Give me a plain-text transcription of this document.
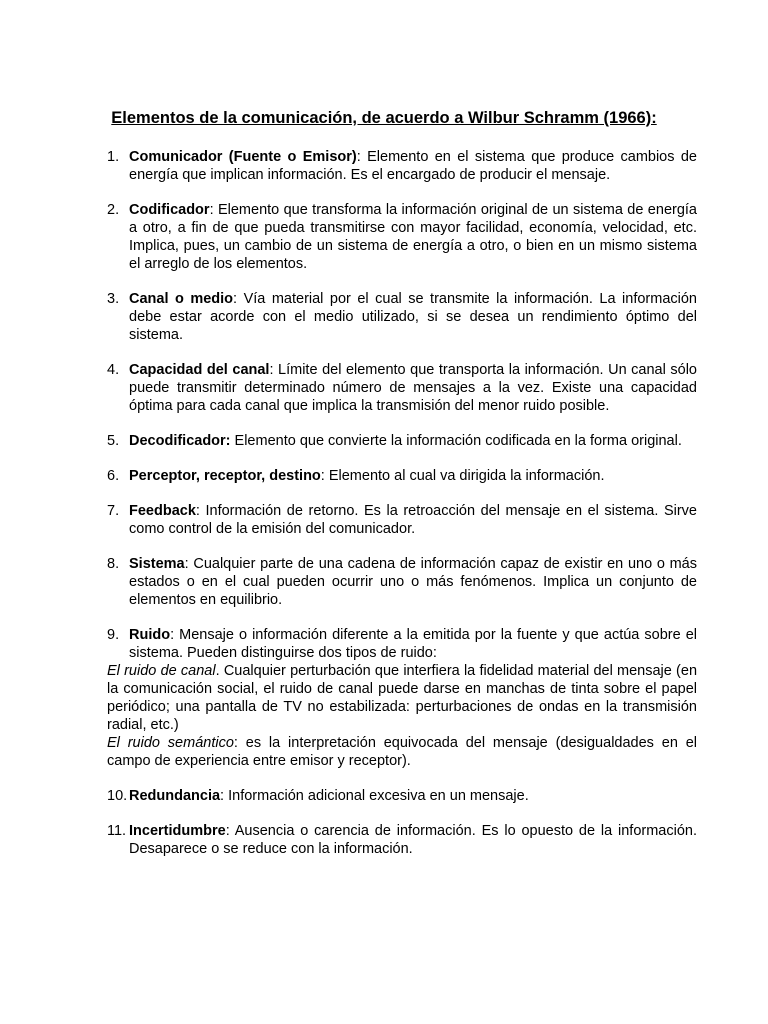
Elementos de la comunicación, de acuerdo a Wilbur Schramm (1966):
1. Comunicador (Fuente o Emisor): Elemento en el sistema que produce cambios de energía que implican información. Es el encargado de producir el mensaje.
2. Codificador: Elemento que transforma la información original de un sistema de energía a otro, a fin de que pueda transmitirse con mayor facilidad, economía, velocidad, etc. Implica, pues, un cambio de un sistema de energía a otro, o bien en un mismo sistema el arreglo de los elementos.
3. Canal o medio: Vía material por el cual se transmite la información. La información debe estar acorde con el medio utilizado, si se desea un rendimiento óptimo del sistema.
4. Capacidad del canal: Límite del elemento que transporta la información. Un canal sólo puede transmitir determinado número de mensajes a la vez. Existe una capacidad óptima para cada canal que implica la transmisión del menor ruido posible.
5. Decodificador: Elemento que convierte la información codificada en la forma original.
6. Perceptor, receptor, destino: Elemento al cual va dirigida la información.
7. Feedback: Información de retorno. Es la retroacción del mensaje en el sistema. Sirve como control de la emisión del comunicador.
8. Sistema: Cualquier parte de una cadena de información capaz de existir en uno o más estados o en el cual pueden ocurrir uno o más fenómenos. Implica un conjunto de elementos en equilibrio.
9. Ruido: Mensaje o información diferente a la emitida por la fuente y que actúa sobre el sistema. Pueden distinguirse dos tipos de ruido:
El ruido de canal. Cualquier perturbación que interfiera la fidelidad material del mensaje (en la comunicación social, el ruido de canal puede darse en manchas de tinta sobre el papel periódico; una pantalla de TV no estabilizada: perturbaciones de ondas en la transmisión radial, etc.)
El ruido semántico: es la interpretación equivocada del mensaje (desigualdades en el campo de experiencia entre emisor y receptor).
10. Redundancia: Información adicional excesiva en un mensaje.
11. Incertidumbre: Ausencia o carencia de información. Es lo opuesto de la información. Desaparece o se reduce con la información.
